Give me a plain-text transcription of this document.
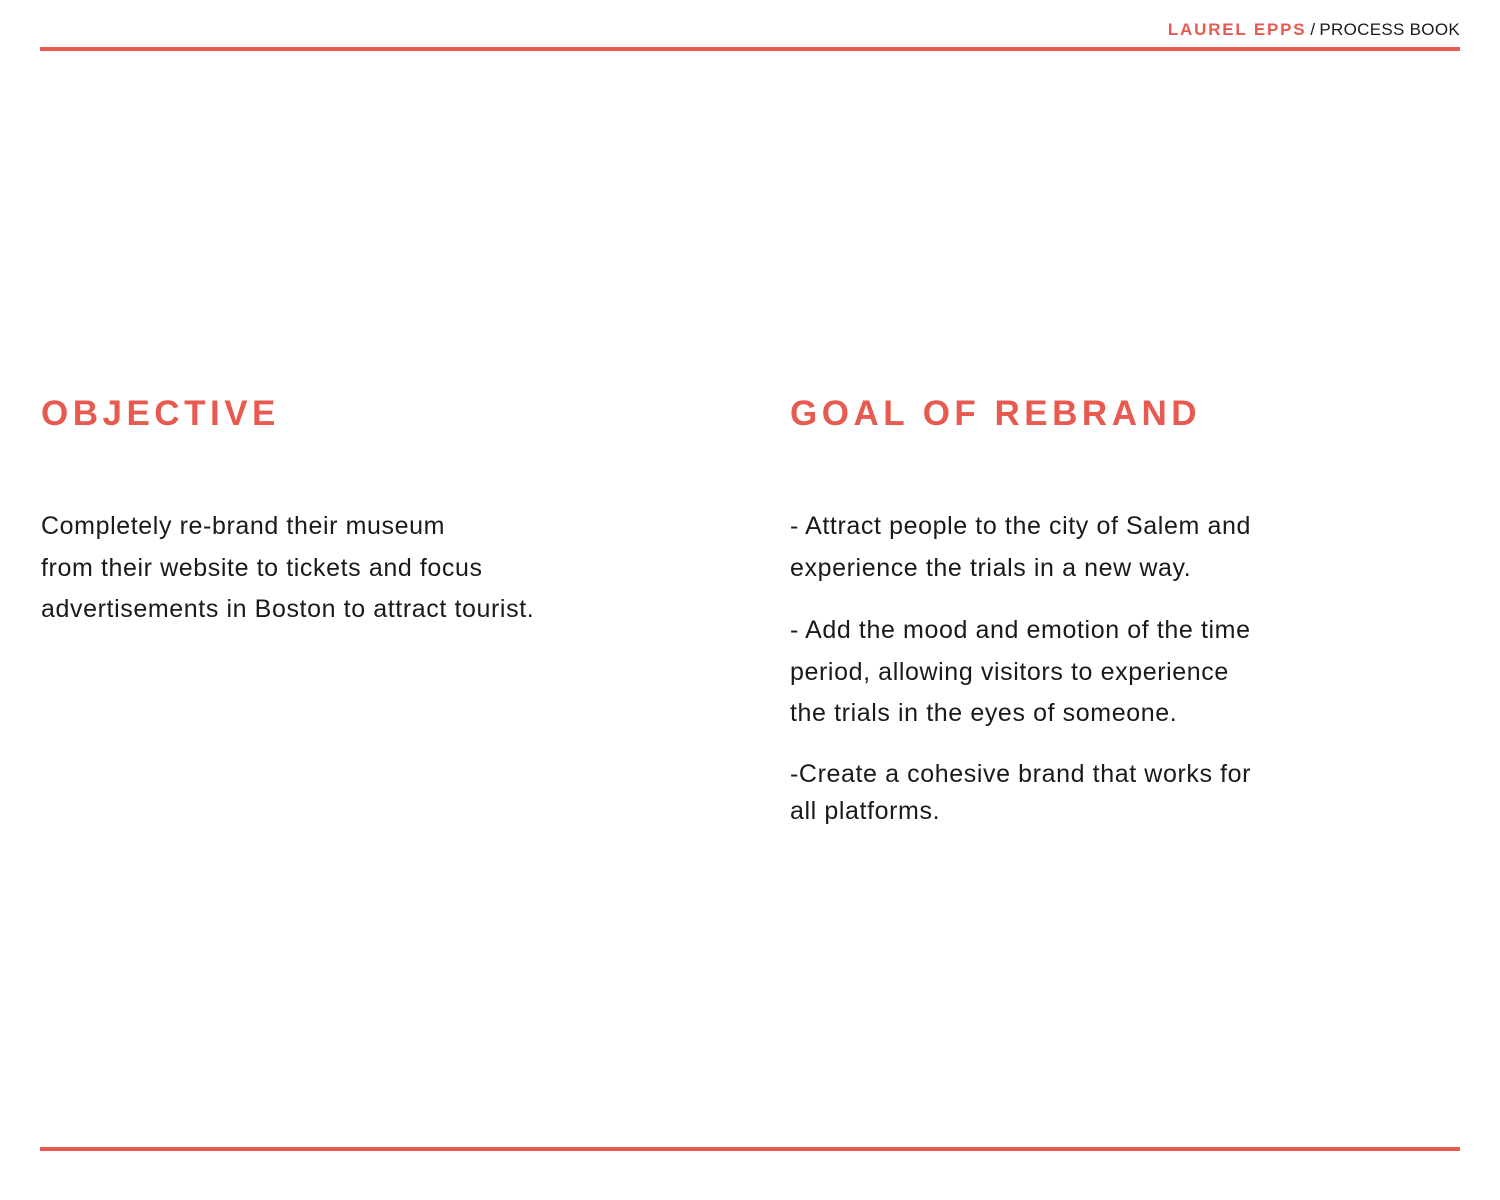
LAUREL EPPS / PROCESS BOOK
OBJECTIVE

Completely re-brand their museum
from their website to tickets and focus
advertisements in Boston to attract tourist.

GOAL OF REBRAND
- Attract people to the city of Salem and
experience the trials in a new way.
- Add the mood and emotion of the time
period, allowing visitors to experience
the trials in the eyes of someone.
-Create a cohesive brand that works for
all platforms.
